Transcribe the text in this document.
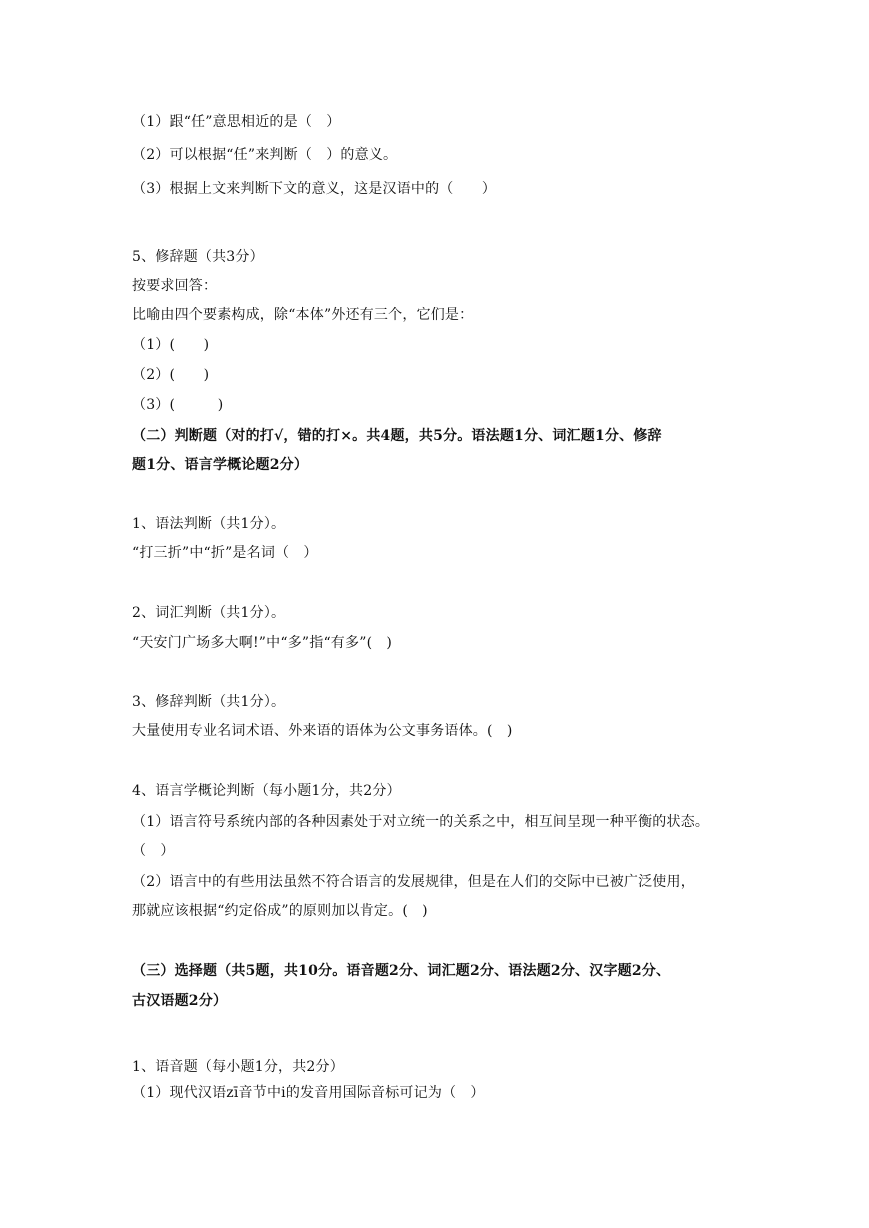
（1）跟“任”意思相近的是（　）
（2）可以根据“任”来判断（　）的意义。
（3）根据上文来判断下文的意义，这是汉语中的（　　）
5、修辞题（共3分）
按要求回答：
比喻由四个要素构成，除“本体”外还有三个，它们是：
（1）(　　)
（2）(　　)
（3）(　　　)
（二）判断题（对的打√，错的打×。共4题，共5分。语法题1分、词汇题1分、修辞
题1分、语言学概论题2分）
1、语法判断（共1分）。
“打三折”中“折”是名词（　）
2、词汇判断（共1分）。
“天安门广场多大啊!”中“多”指“有多”(　)
3、修辞判断（共1分）。
大量使用专业名词术语、外来语的语体为公文事务语体。(　)
4、语言学概论判断（每小题1分，共2分）
（1）语言符号系统内部的各种因素处于对立统一的关系之中，相互间呈现一种平衡的状态。
（　）
（2）语言中的有些用法虽然不符合语言的发展规律，但是在人们的交际中已被广泛使用，
那就应该根据“约定俗成”的原则加以肯定。(　)
（三）选择题（共5题，共10分。语音题2分、词汇题2分、语法题2分、汉字题2分、
古汉语题2分）
1、语音题（每小题1分，共2分）
（1）现代汉语zī音节中i的发音用国际音标可记为（　）
